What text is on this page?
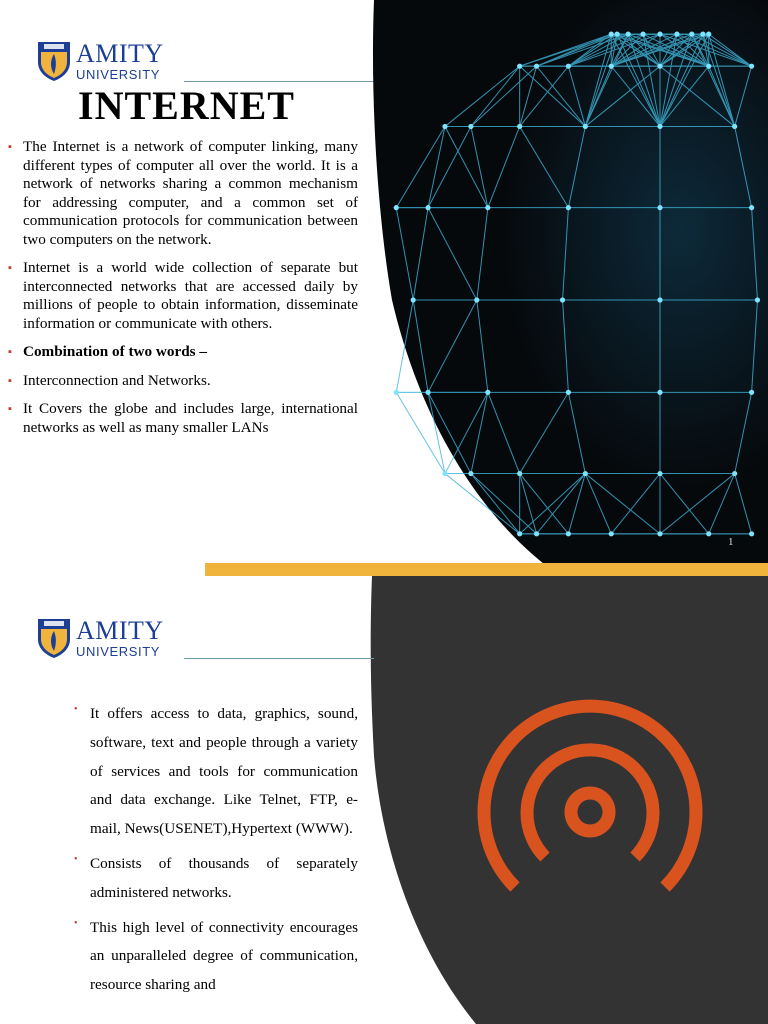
AMITY
UNIVERSITY
INTERNET
▪ The Internet is a network of computer linking, many different types of computer all over the world. It is a network of networks sharing a common mechanism for addressing computer, and a common set of communication protocols for communication between two computers on the network.
▪ Internet is a world wide collection of separate but interconnected networks that are accessed daily by millions of people to obtain information, disseminate information or communicate with others.
▪ Combination of two words –
▪ Interconnection and Networks.
▪ It Covers the globe and includes large, international networks as well as many smaller LANs
1
AMITY
UNIVERSITY
• It offers access to data, graphics, sound, software, text and people through a variety of services and tools for communication and data exchange. Like Telnet, FTP, e-mail, News(USENET),Hypertext (WWW).
• Consists of thousands of separately administered networks.
• This high level of connectivity encourages an unparalleled degree of communication, resource sharing and
